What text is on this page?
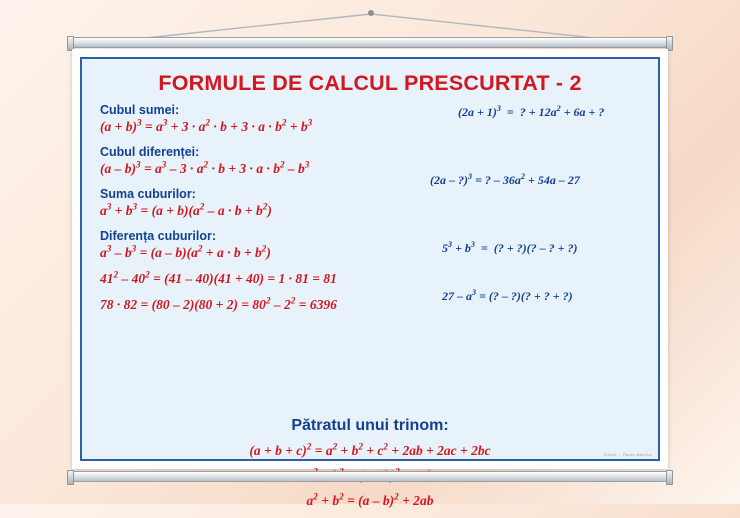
FORMULE DE CALCUL PRESCURTAT - 2

Cubul sumei:

$(a + b)^3 = a^3 + 3 \cdot a^2 \cdot b + 3 \cdot a \cdot b^2 + b^3$

Cubul diferenței:

$(a - b)^3 = a^3 - 3 \cdot a^2 \cdot b + 3 \cdot a \cdot b^2 - b^3$

Suma cuburilor:

$a^3 + b^3 = (a + b)(a^2 - a \cdot b + b^2)$

Diferența cuburilor:

$a^3 - b^3 = (a - b)(a^2 + a \cdot b + b^2)$

$41^2 - 40^2 = (41 - 40)(41 + 40) = 1 \cdot 81 = 81$

$78 \cdot 82 = (80 - 2)(80 + 2) = 80^2 - 2^2 = 6396$

$(2a + 1)^3$  =  ? + $12a^2 + 6a$ + ?
(2a – ?)$^3$ = ? – $36a^2 + 54a - 27$
$5^3 + b^3$  =  (? + ?)(? – ? + ?)
$27 - a^3$ = (? – ?)(? + ? + ?)

Pătratul unui trinom:

$(a + b + c)^2 = a^2 + b^2 + c^2 + 2ab + 2ac + 2bc$

$a^2 + b^2 = (a - b)^2 + 2ab$

Editura ... Planse didactice
